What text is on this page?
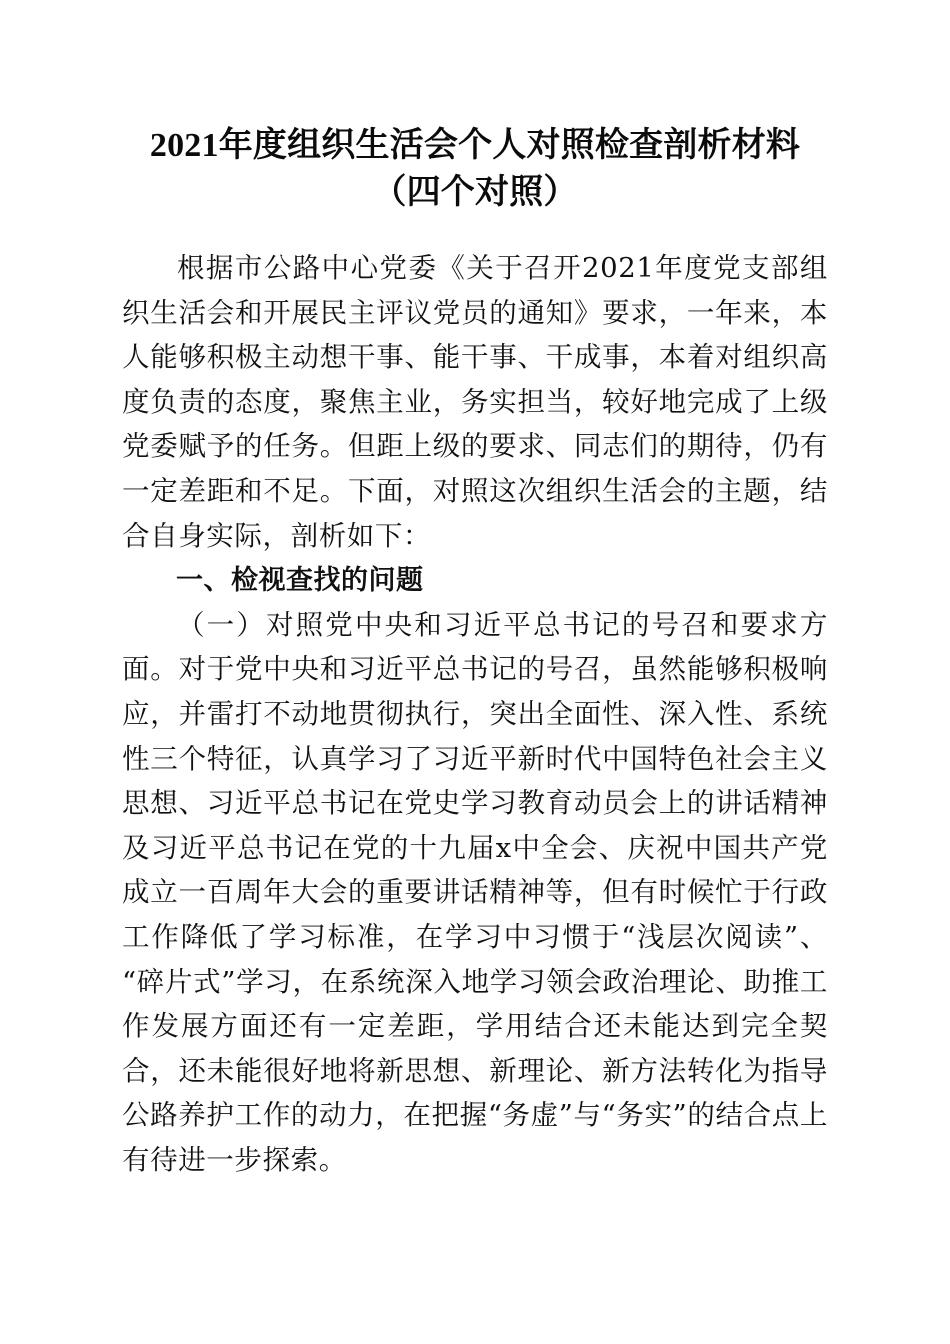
2021年度组织生活会个人对照检查剖析材料
（四个对照）

根据市公路中心党委《关于召开2021年度党支部组织生活会和开展民主评议党员的通知》要求，一年来，本人能够积极主动想干事、能干事、干成事，本着对组织高度负责的态度，聚焦主业，务实担当，较好地完成了上级党委赋予的任务。但距上级的要求、同志们的期待，仍有一定差距和不足。下面，对照这次组织生活会的主题，结合自身实际，剖析如下：

一、检视查找的问题

（一）对照党中央和习近平总书记的号召和要求方面。对于党中央和习近平总书记的号召，虽然能够积极响应，并雷打不动地贯彻执行，突出全面性、深入性、系统性三个特征，认真学习了习近平新时代中国特色社会主义思想、习近平总书记在党史学习教育动员会上的讲话精神及习近平总书记在党的十九届x中全会、庆祝中国共产党成立一百周年大会的重要讲话精神等，但有时候忙于行政工作降低了学习标准，在学习中习惯于“浅层次阅读”、“碎片式”学习，在系统深入地学习领会政治理论、助推工作发展方面还有一定差距，学用结合还未能达到完全契合，还未能很好地将新思想、新理论、新方法转化为指导公路养护工作的动力，在把握“务虚”与“务实”的结合点上有待进一步探索。
